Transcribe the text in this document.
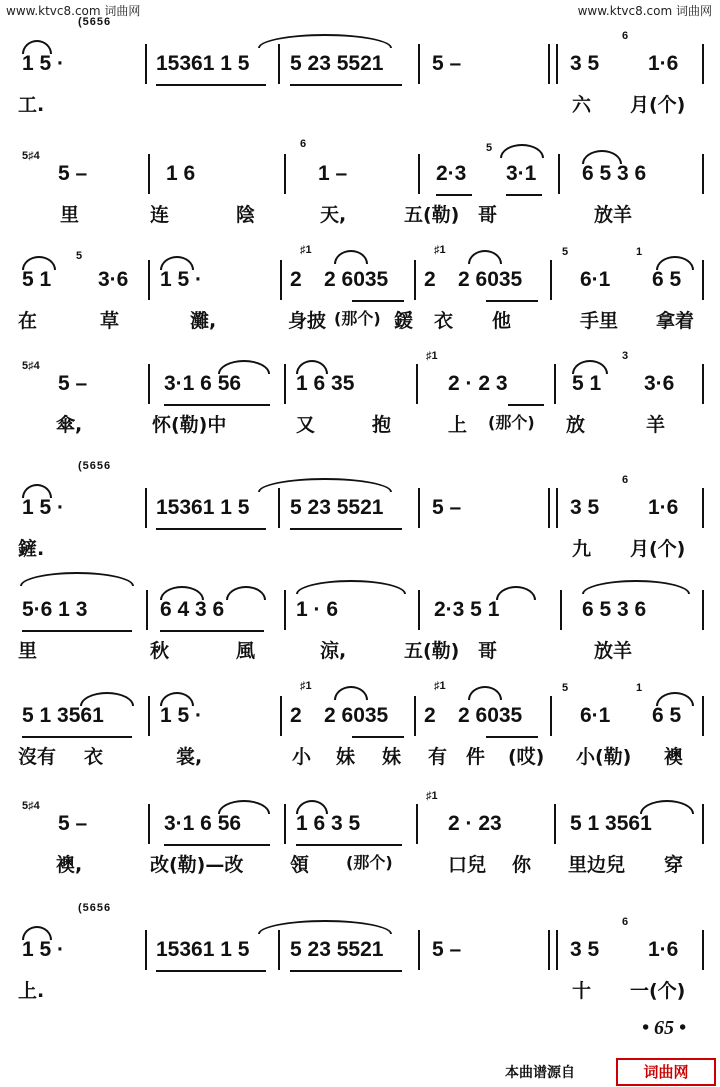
www.ktvc8.com 词曲网	www.ktvc8.com 词曲网
(5656
6
1 5 ·	15361 1 5 5 23 5521 5 –	3 5 1·6
工.	六 月(个)
5♯4
6	5
5 –	1 6	1 –	2·3 3·1 6 5 3 6
里	连	陰	天,	五(勒) 哥	放羊
5	♯1	♯1	5	1
5 1 3·6 1 5 ·	2 2 6035 2 2 6035	6·1 6 5
在	草	灘,	身披 (那个) 鍰 衣 他	手里 拿着
5♯4
♯1	3
5 –	3·1 6 56	1 6 35	2 · 2 3	5 1 3·6
傘,	怀(勒)中	又	抱	上 (那个) 放	羊
(5656
6
1 5 ·	15361 1 5 5 23 5521 5 –	3 5 1·6
鏟.	九 月(个)
5·6 1 3	6 4 3 6	1 · 6	2·3 5 1	6 5 3 6
里	秋	風	涼,	五(勒) 哥	放羊
♯1	♯1	5	1
5 1 3561	1 5 ·	2 2 6035 2 2 6035	6·1 6 5
沒有 衣	裳,	小 妹 妹 有 件 (哎) 小(勒) 襖
5♯4
♯1
5 –	3·1 6 56	1 6 3 5	2 · 23	5 1 3561
襖,	改(勒)—改 領 (那个)	口兒 你 里边兒 穿
(5656
6
1 5 ·	15361 1 5 5 23 5521 5 –	3 5 1·6
上.	十 一(个)
• 65 •
本曲谱源自	词曲网
